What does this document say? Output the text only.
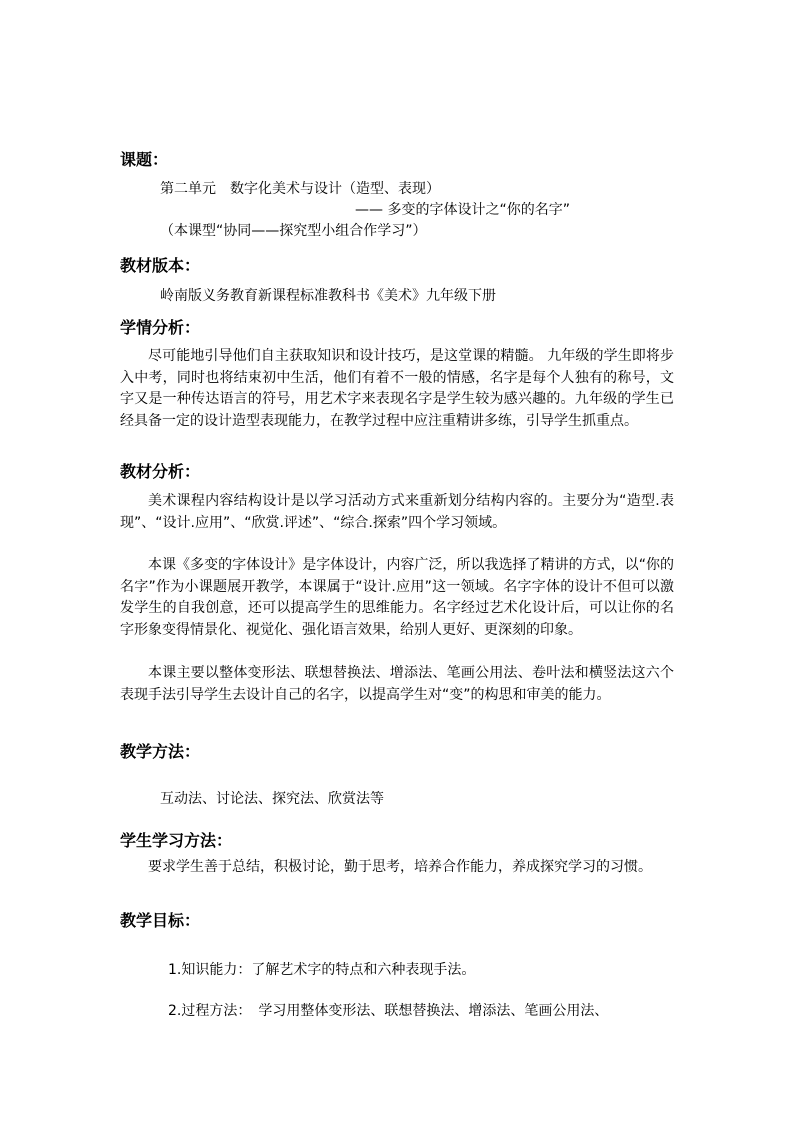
课题：
第二单元　数字化美术与设计（造型、表现）
—— 多变的字体设计之“你的名字”
（本课型“协同——探究型小组合作学习”）
教材版本：
岭南版义务教育新课程标准教科书《美术》九年级下册
学情分析：

尽可能地引导他们自主获取知识和设计技巧，是这堂课的精髓。 九年级的学生即将步入中考，同时也将结束初中生活，他们有着不一般的情感，名字是每个人独有的称号，文字又是一种传达语言的符号，用艺术字来表现名字是学生较为感兴趣的。九年级的学生已经具备一定的设计造型表现能力，在教学过程中应注重精讲多练，引导学生抓重点。

教材分析：

美术课程内容结构设计是以学习活动方式来重新划分结构内容的。主要分为“造型.表现”、“设计.应用”、“欣赏.评述”、“综合.探索”四个学习领域。

本课《多变的字体设计》是字体设计，内容广泛，所以我选择了精讲的方式，以“你的名字”作为小课题展开教学，本课属于“设计.应用”这一领域。名字字体的设计不但可以激发学生的自我创意，还可以提高学生的思维能力。名字经过艺术化设计后，可以让你的名字形象变得情景化、视觉化、强化语言效果，给别人更好、更深刻的印象。

本课主要以整体变形法、联想替换法、增添法、笔画公用法、卷叶法和横竖法这六个表现手法引导学生去设计自己的名字，以提高学生对“变”的构思和审美的能力。

教学方法：
互动法、讨论法、探究法、欣赏法等
学生学习方法：

要求学生善于总结，积极讨论，勤于思考，培养合作能力，养成探究学习的习惯。

教学目标：
1.知识能力：了解艺术字的特点和六种表现手法。
2.过程方法：　学习用整体变形法、联想替换法、增添法、笔画公用法、
